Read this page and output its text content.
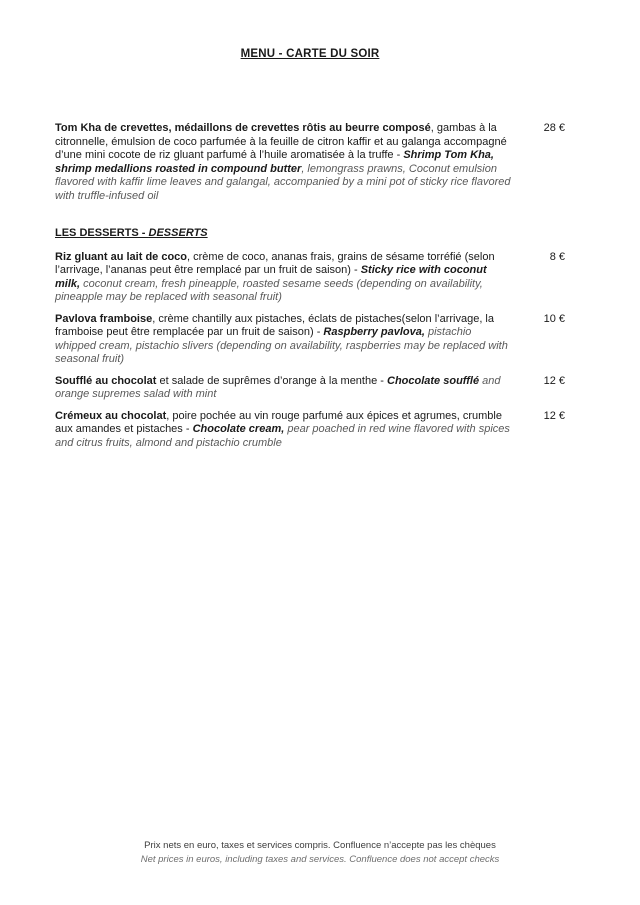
MENU - CARTE DU SOIR

Tom Kha de crevettes, médaillons de crevettes rôtis au beurre composé, gambas à la citronnelle, émulsion de coco parfumée à la feuille de citron kaffir et au galanga accompagné d’une mini cocote de riz gluant parfumé à l’huile aromatisée à la truffe - Shrimp Tom Kha, shrimp medallions roasted in compound butter, lemongrass prawns, Coconut emulsion flavored with kaffir lime leaves and galangal, accompanied by a mini pot of sticky rice flavored with truffle-infused oil

28 €
LES DESSERTS - DESSERTS

Riz gluant au lait de coco, crème de coco, ananas frais, grains de sésame torréfié (selon l’arrivage, l’ananas peut être remplacé par un fruit de saison) - Sticky rice with coconut milk, coconut cream, fresh pineapple, roasted sesame seeds (depending on availability, pineapple may be replaced with seasonal fruit)

8 €

Pavlova framboise, crème chantilly aux pistaches, éclats de pistaches(selon l’arrivage, la framboise peut être remplacée par un fruit de saison) - Raspberry pavlova, pistachio whipped cream, pistachio slivers (depending on availability, raspberries may be replaced with seasonal fruit)

10 €

Soufflé au chocolat et salade de suprêmes d’orange à la menthe - Chocolate soufflé and orange supremes salad with mint

12 €

Crémeux au chocolat, poire pochée au vin rouge parfumé aux épices et agrumes, crumble aux amandes et pistaches - Chocolate cream, pear poached in red wine flavored with spices and citrus fruits, almond and pistachio crumble

12 €
Prix nets en euro, taxes et services compris. Confluence n’accepte pas les chèques
Net prices in euros, including taxes and services. Confluence does not accept checks
